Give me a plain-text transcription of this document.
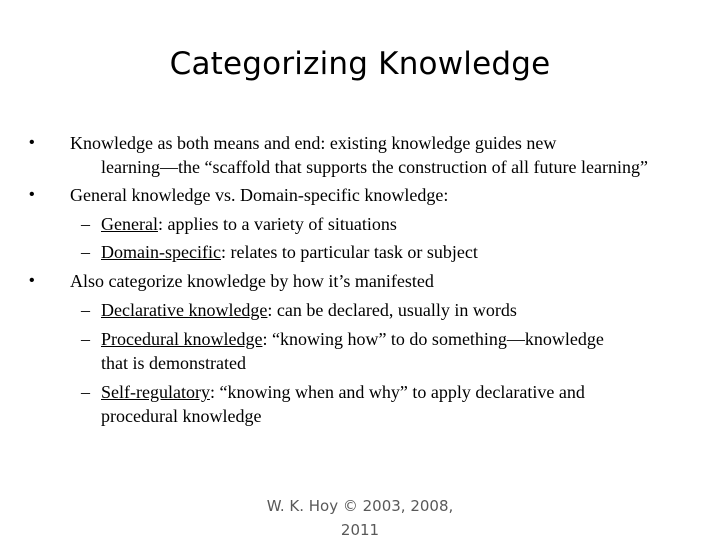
Categorizing Knowledge
• Knowledge as both means and end: existing knowledge guides new
learning—the “scaffold that supports the construction of all future learning”
• General knowledge vs. Domain-specific knowledge:
– General: applies to a variety of situations
– Domain-specific: relates to particular task or subject
• Also categorize knowledge by how it’s manifested
– Declarative knowledge: can be declared, usually in words
– Procedural knowledge: “knowing how” to do something—knowledge
that is demonstrated
– Self-regulatory: “knowing when and why” to apply declarative and
procedural knowledge
W. K. Hoy © 2003, 2008,
2011
